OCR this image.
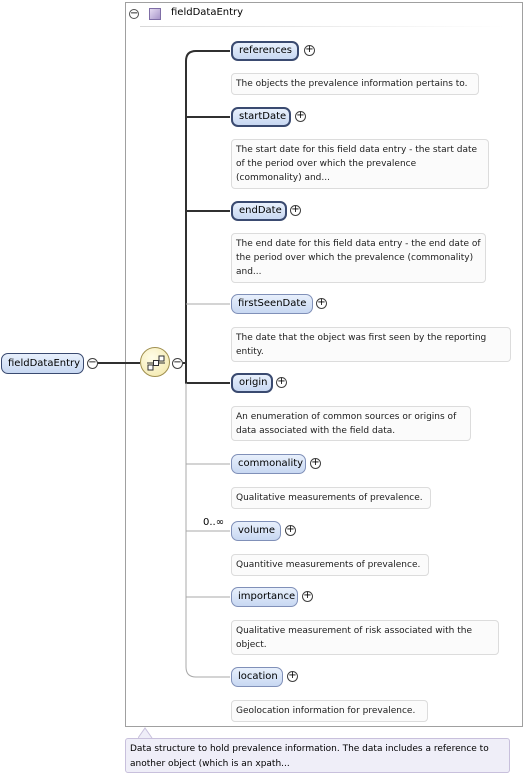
−	fieldDataEntry
fieldDataEntry −	−
references	+
The objects the prevalence information pertains to.
startDate	+
The start date for this field data entry - the start date of the period over which the prevalence (commonality) and...
endDate +
The end date for this field data entry - the end date of the period over which the prevalence (commonality) and...
firstSeenDate	+
The date that the object was first seen by the reporting entity.
origin +
An enumeration of common sources or origins of data associated with the field data.
commonality +
Qualitative measurements of prevalence.
0..∞
volume	+
Quantitive measurements of prevalence.
importance +
Qualitative measurement of risk associated with the object.
location	+
Geolocation information for prevalence.
Data structure to hold prevalence information. The data includes a reference to another object (which is an xpath...
